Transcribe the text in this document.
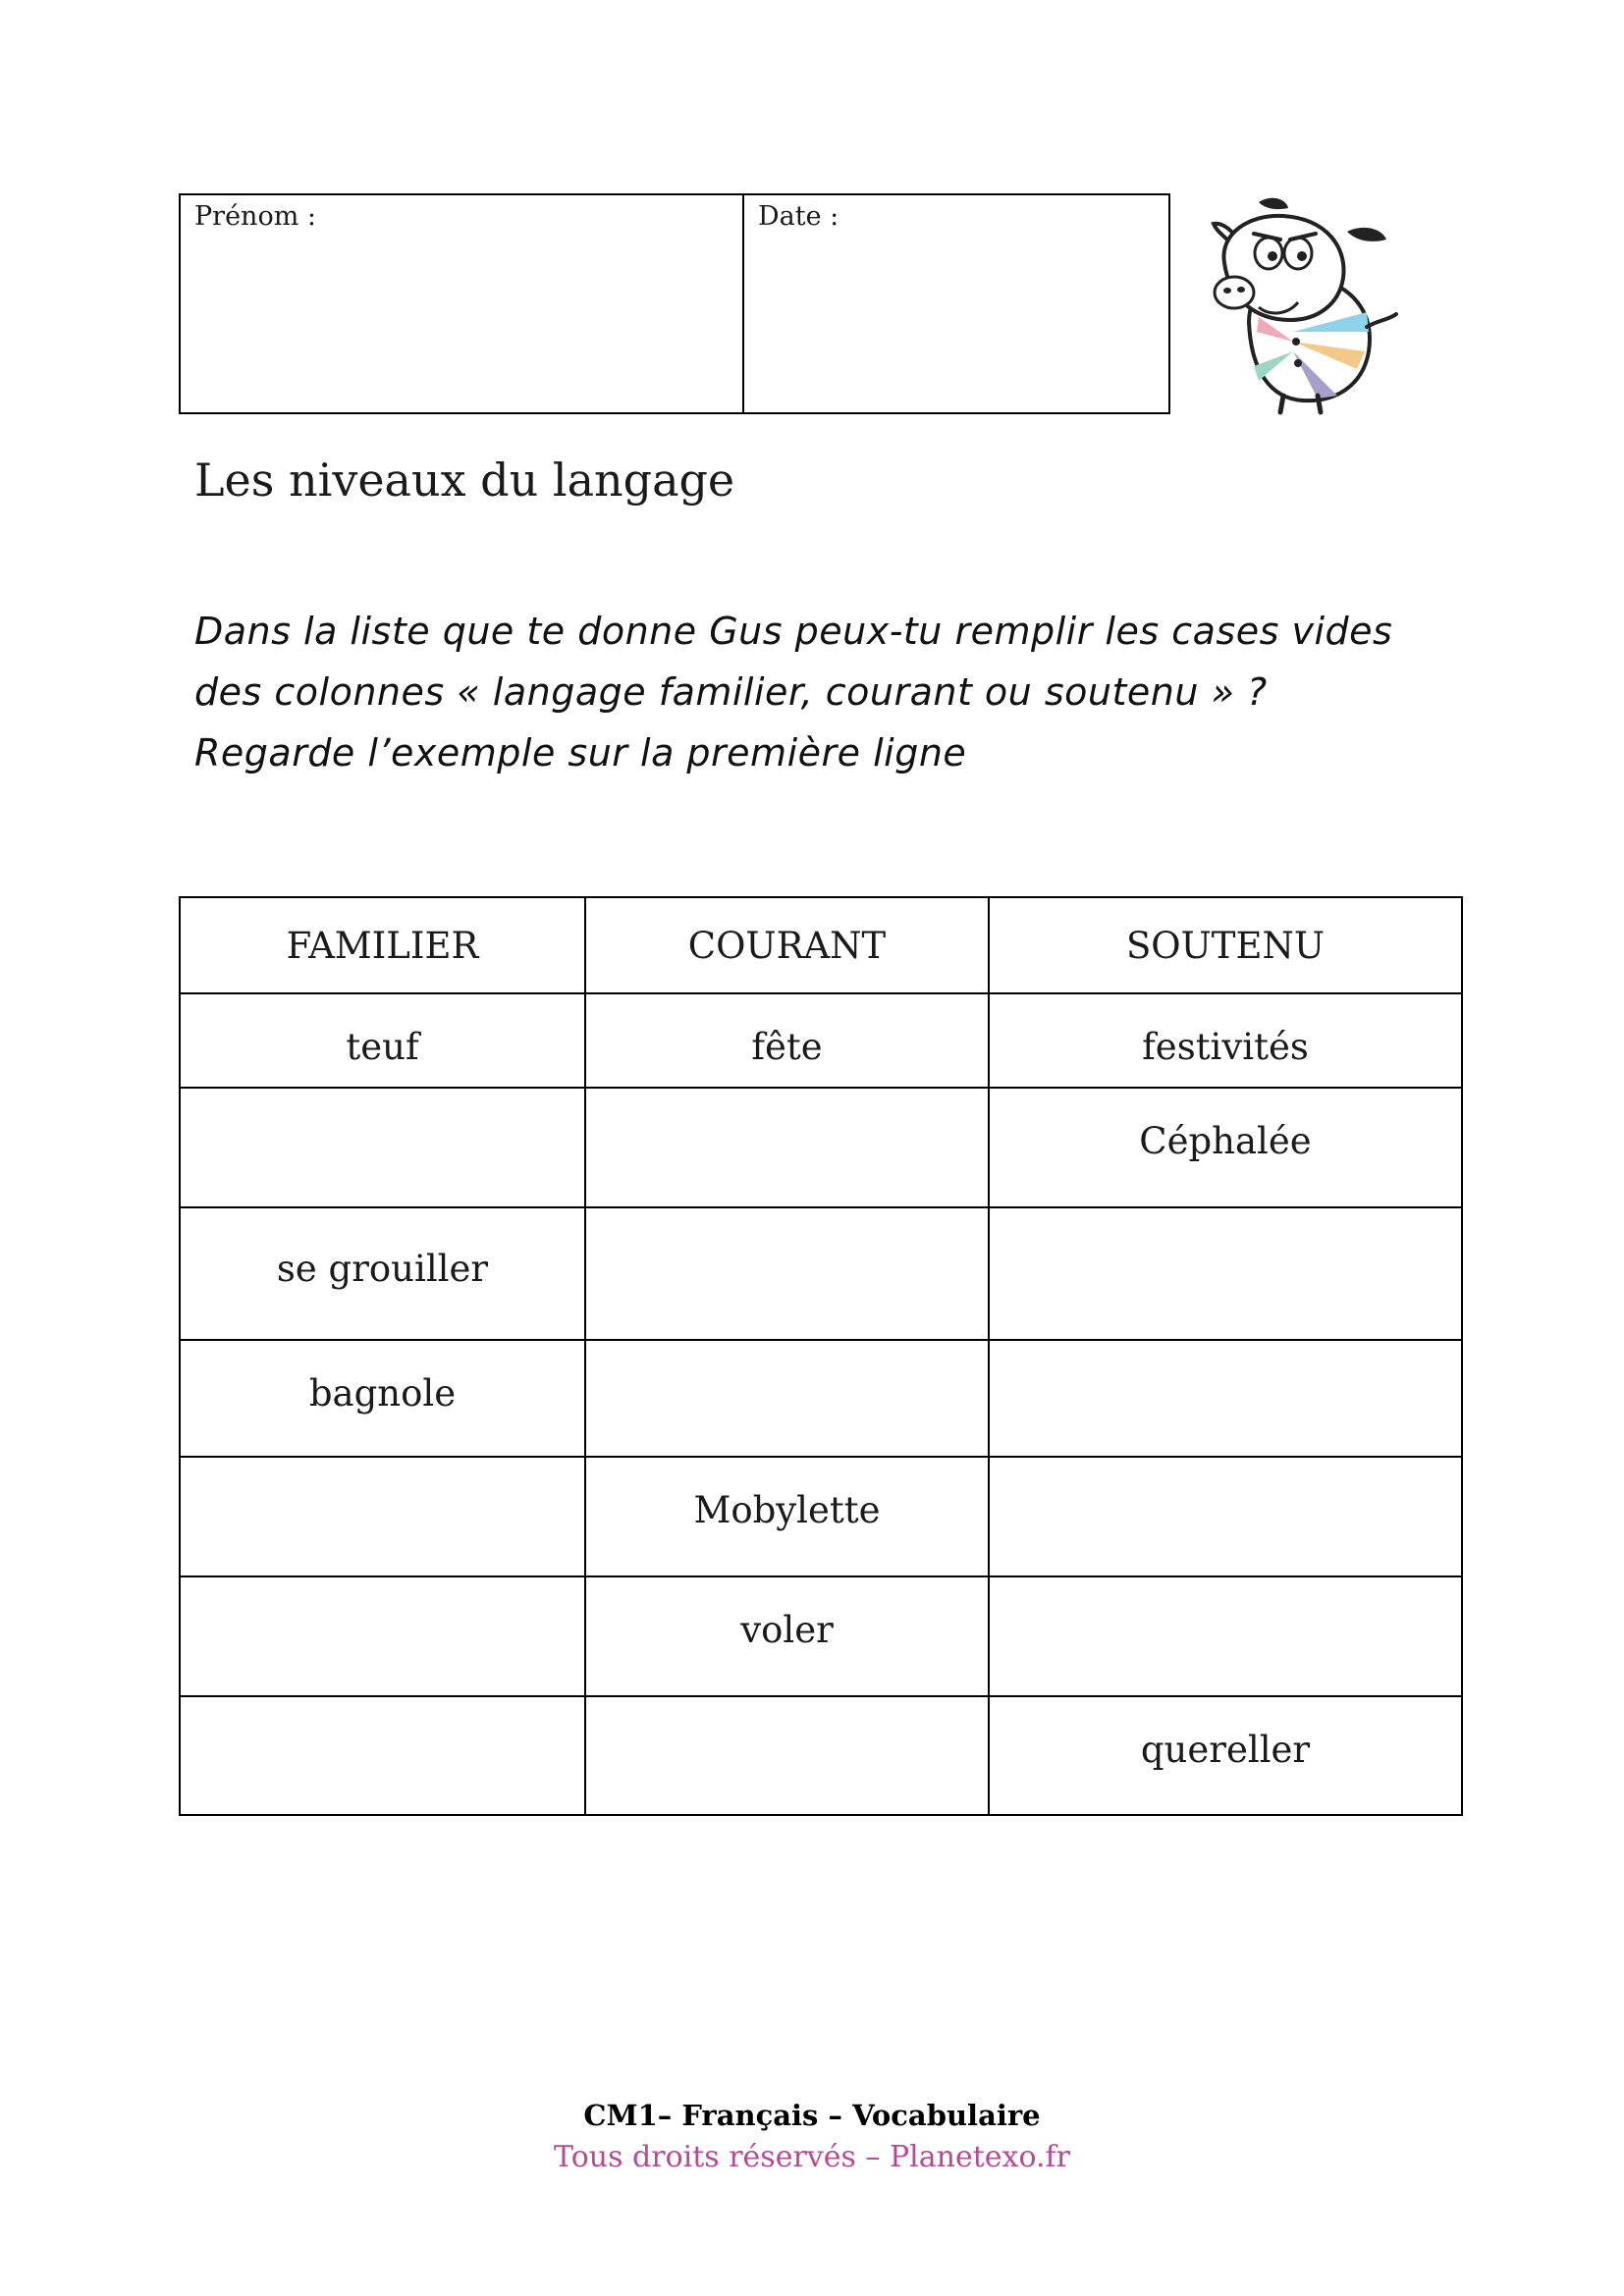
Prénom :	Date :
Les niveaux du langage

Dans la liste que te donne Gus peux-tu remplir les cases vides des colonnes « langage familier, courant ou soutenu » ? Regarde l’exemple sur la première ligne

FAMILIER	COURANT	SOUTENU

teuf	fête	festivités

		Céphalée

se grouiller		

bagnole		

	Mobylette	

	voler	

		quereller
CM1– Français – Vocabulaire
Tous droits réservés – Planetexo.fr
